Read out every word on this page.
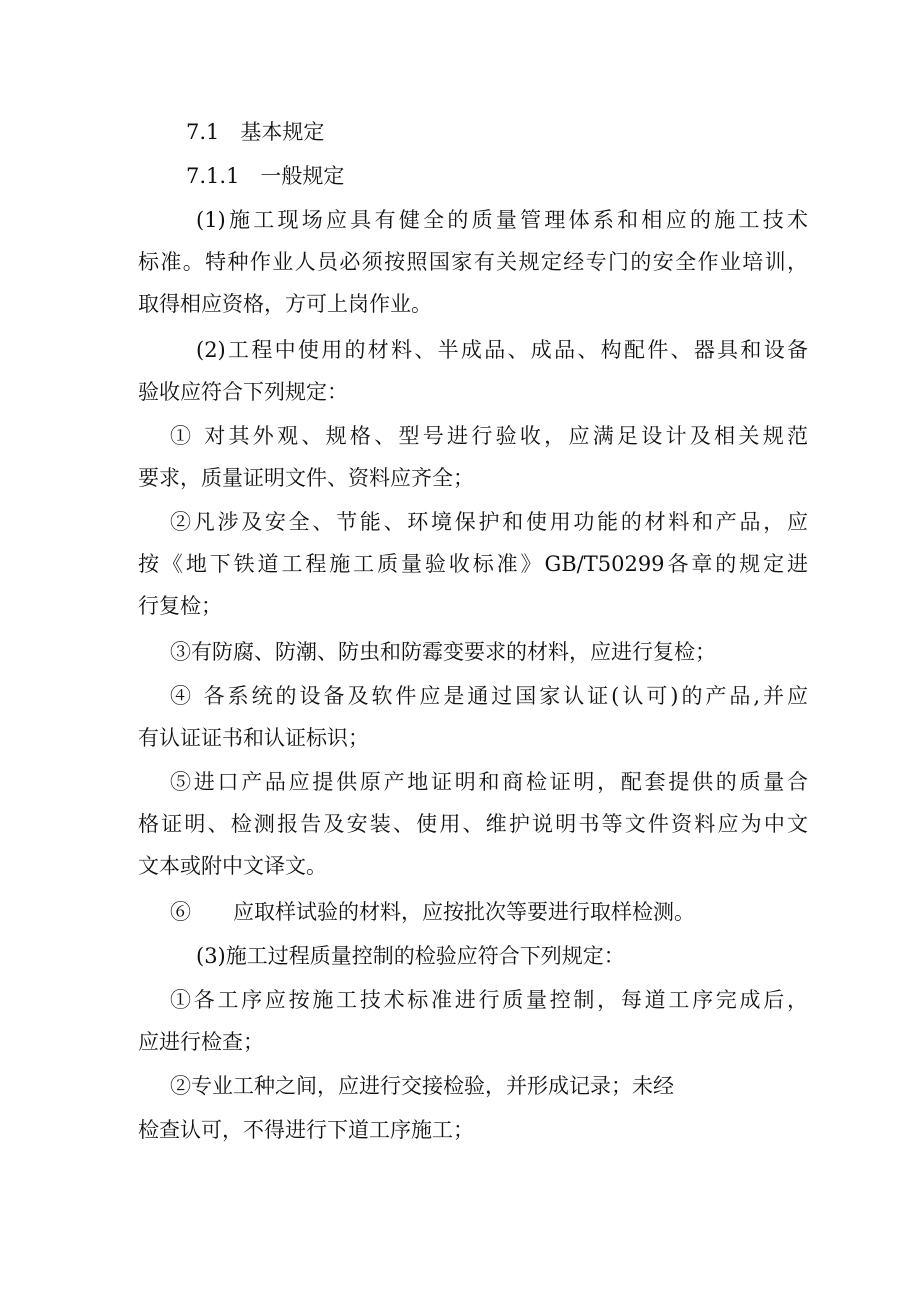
7.1　基本规定
7.1.1　一般规定
(1)施工现场应具有健全的质量管理体系和相应的施工技术
标准。特种作业人员必须按照国家有关规定经专门的安全作业培训，
取得相应资格，方可上岗作业。
(2)工程中使用的材料、半成品、成品、构配件、器具和设备
验收应符合下列规定：
① 对其外观、规格、型号进行验收，应满足设计及相关规范
要求，质量证明文件、资料应齐全；
②凡涉及安全、节能、环境保护和使用功能的材料和产品，应
按《地下铁道工程施工质量验收标准》GB/T50299各章的规定进
行复检；
③有防腐、防潮、防虫和防霉变要求的材料，应进行复检；
④ 各系统的设备及软件应是通过国家认证(认可)的产品,并应
有认证证书和认证标识；
⑤进口产品应提供原产地证明和商检证明，配套提供的质量合
格证明、检测报告及安装、使用、维护说明书等文件资料应为中文
文本或附中文译文。
⑥　　应取样试验的材料，应按批次等要进行取样检测。
(3)施工过程质量控制的检验应符合下列规定：
①各工序应按施工技术标准进行质量控制，每道工序完成后，
应进行检查；
②专业工种之间，应进行交接检验，并形成记录；未经
检查认可，不得进行下道工序施工；
